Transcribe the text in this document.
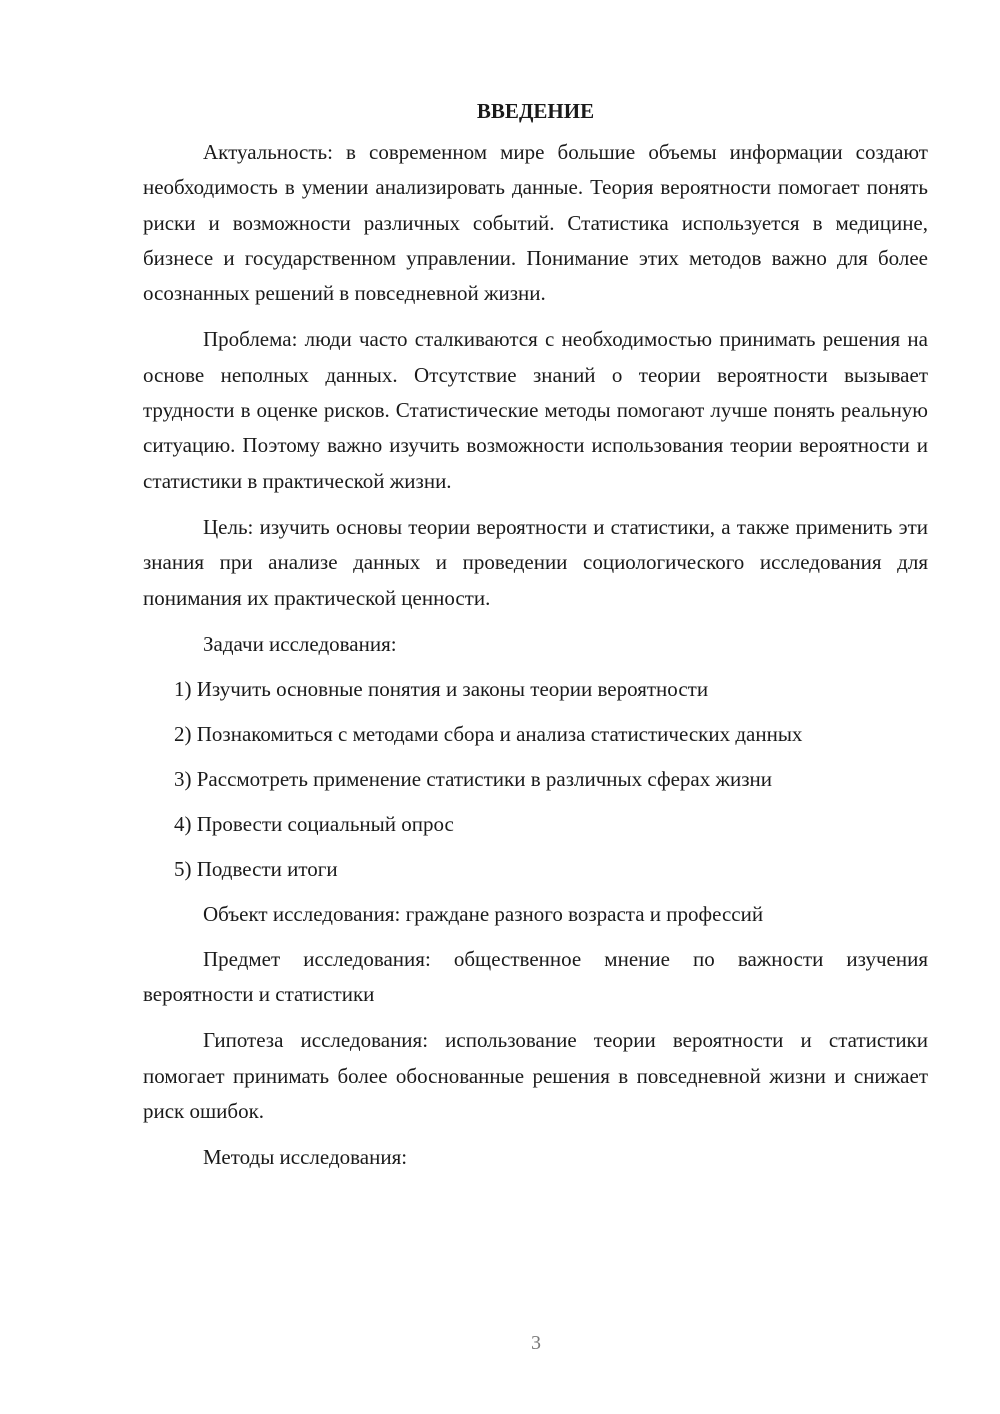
ВВЕДЕНИЕ

Актуальность: в современном мире большие объемы информации создают необходимость в умении анализировать данные. Теория вероятности помогает понять риски и возможности различных событий. Статистика используется в медицине, бизнесе и государственном управлении. Понимание этих методов важно для более осознанных решений в повседневной жизни.

Проблема: люди часто сталкиваются с необходимостью принимать решения на основе неполных данных. Отсутствие знаний о теории вероятности вызывает трудности в оценке рисков. Статистические методы помогают лучше понять реальную ситуацию. Поэтому важно изучить возможности использования теории вероятности и статистики в практической жизни.

Цель: изучить основы теории вероятности и статистики, а также применить эти знания при анализе данных и проведении социологического исследования для понимания их практической ценности.

Задачи исследования:

1) Изучить основные понятия и законы теории вероятности
2) Познакомиться с методами сбора и анализа статистических данных
3) Рассмотреть применение статистики в различных сферах жизни
4) Провести социальный опрос
5) Подвести итоги

Объект исследования: граждане разного возраста и профессий

Предмет исследования: общественное мнение по важности изучения вероятности и статистики

Гипотеза исследования: использование теории вероятности и статистики помогает принимать более обоснованные решения в повседневной жизни и снижает риск ошибок.

Методы исследования:

3
